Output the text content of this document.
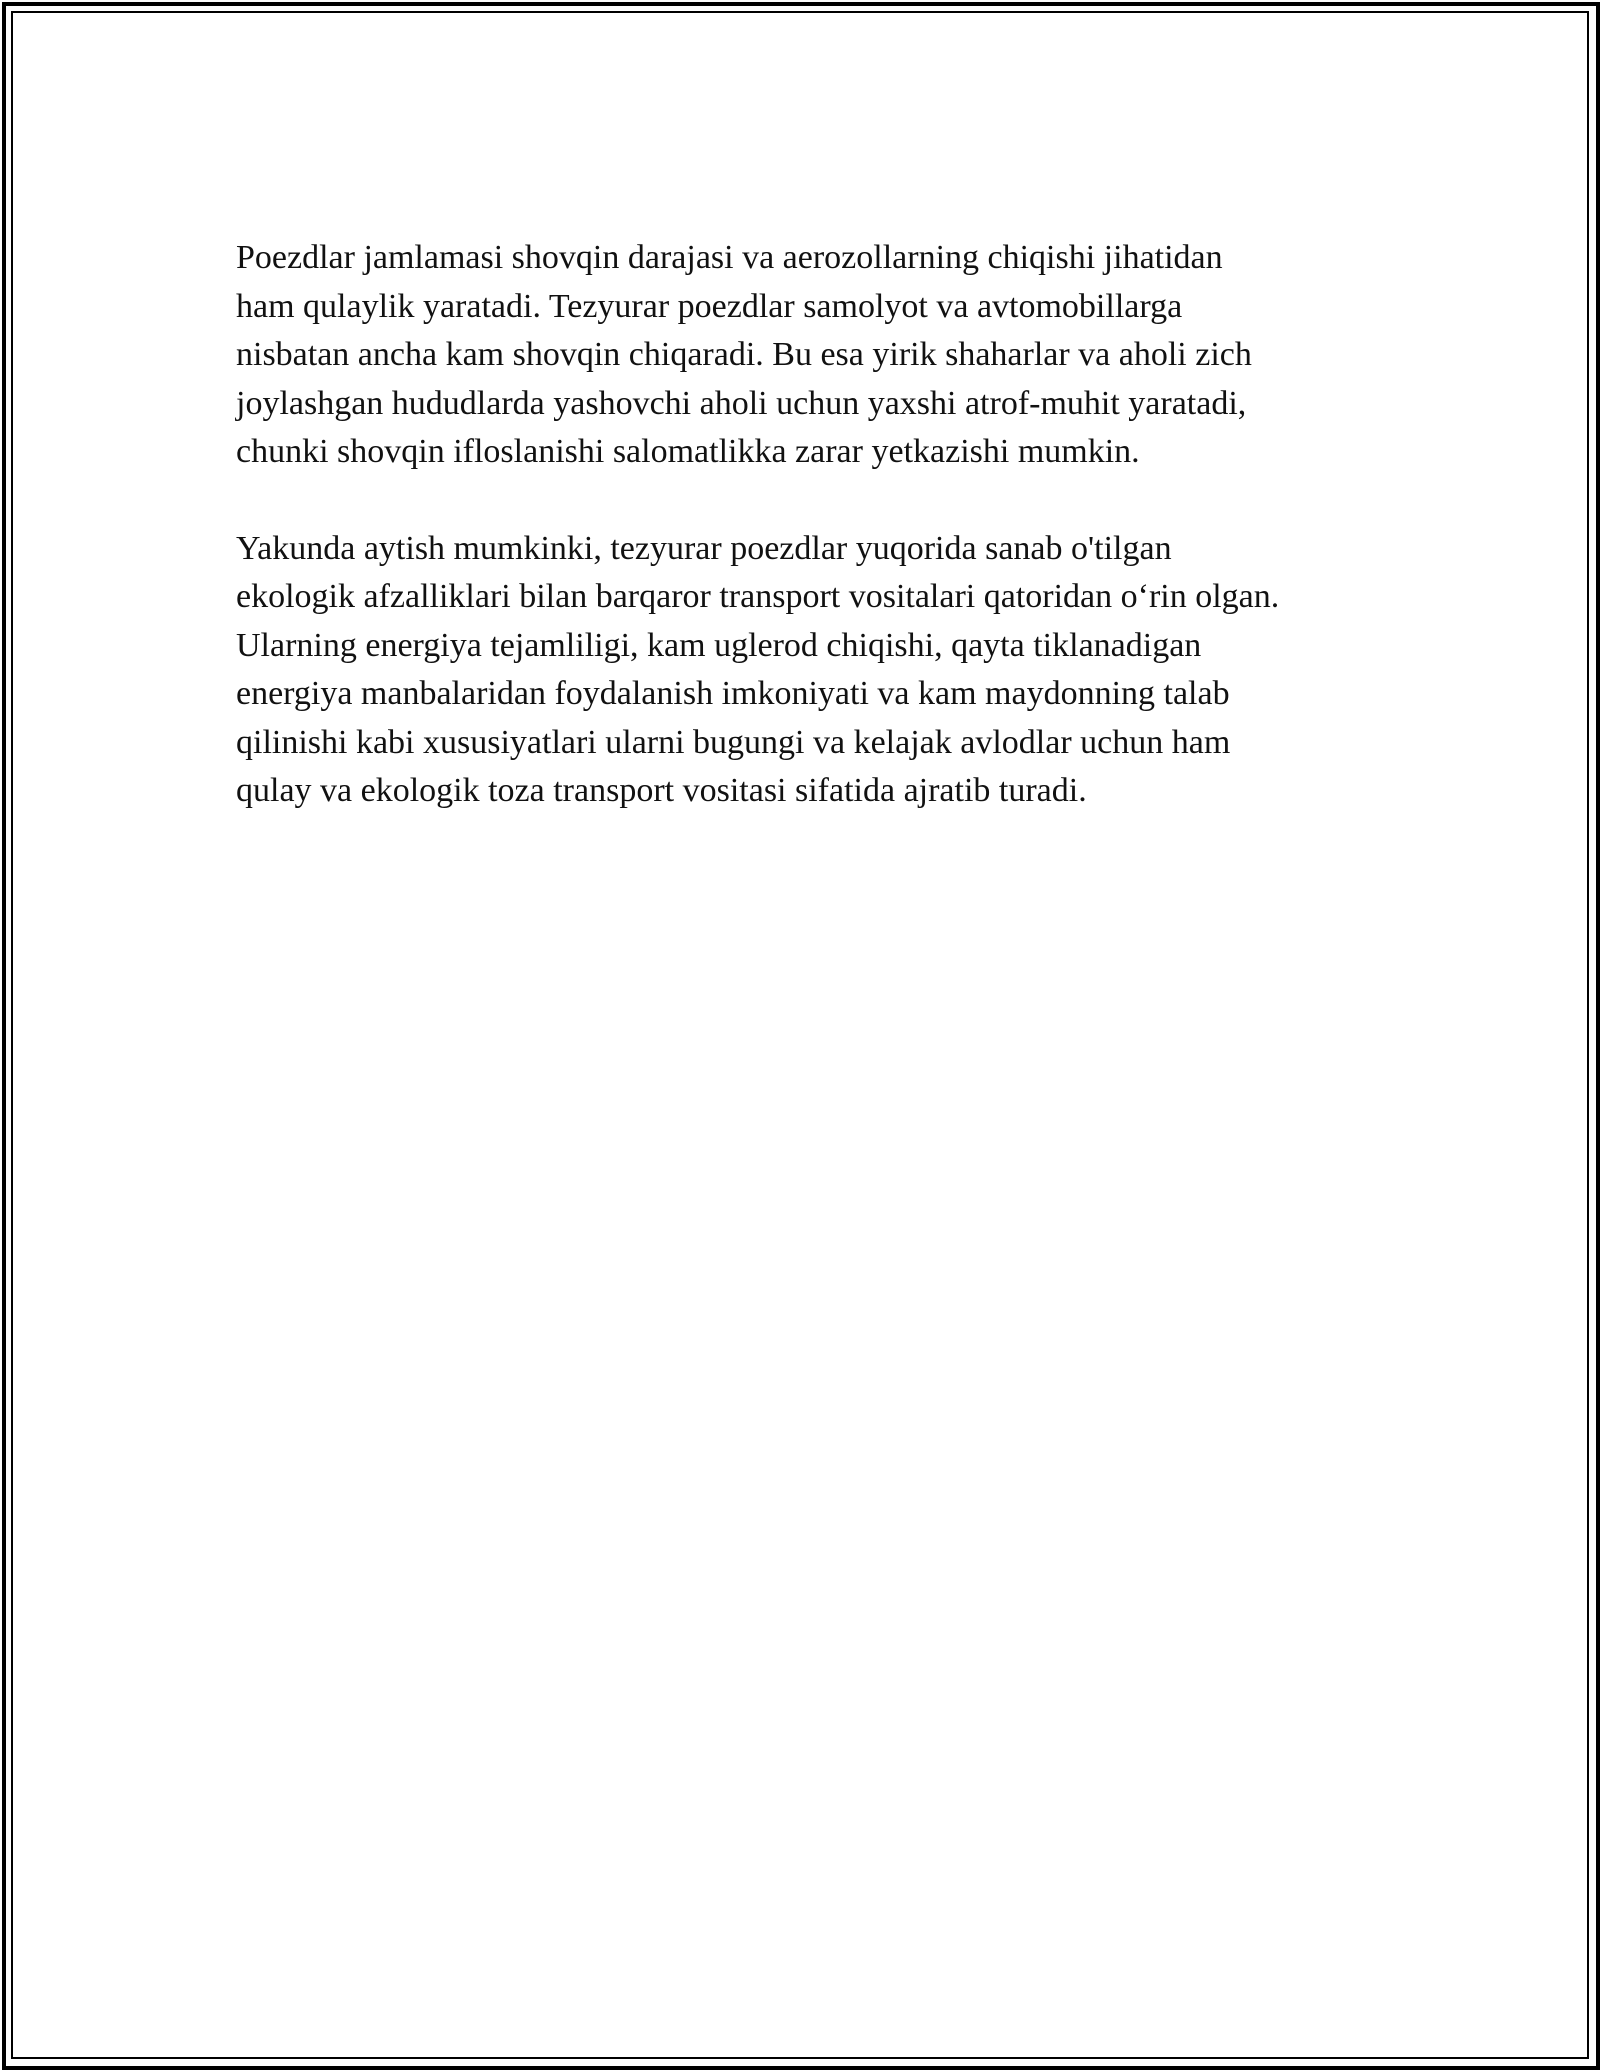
Poezdlar jamlamasi shovqin darajasi va aerozollarning chiqishi jihatidan
ham qulaylik yaratadi. Tezyurar poezdlar samolyot va avtomobillarga
nisbatan ancha kam shovqin chiqaradi. Bu esa yirik shaharlar va aholi zich
joylashgan hududlarda yashovchi aholi uchun yaxshi atrof-muhit yaratadi,
chunki shovqin ifloslanishi salomatlikka zarar yetkazishi mumkin.

Yakunda aytish mumkinki, tezyurar poezdlar yuqorida sanab o'tilgan
ekologik afzalliklari bilan barqaror transport vositalari qatoridan o‘rin olgan.
Ularning energiya tejamliligi, kam uglerod chiqishi, qayta tiklanadigan
energiya manbalaridan foydalanish imkoniyati va kam maydonning talab
qilinishi kabi xususiyatlari ularni bugungi va kelajak avlodlar uchun ham
qulay va ekologik toza transport vositasi sifatida ajratib turadi.
